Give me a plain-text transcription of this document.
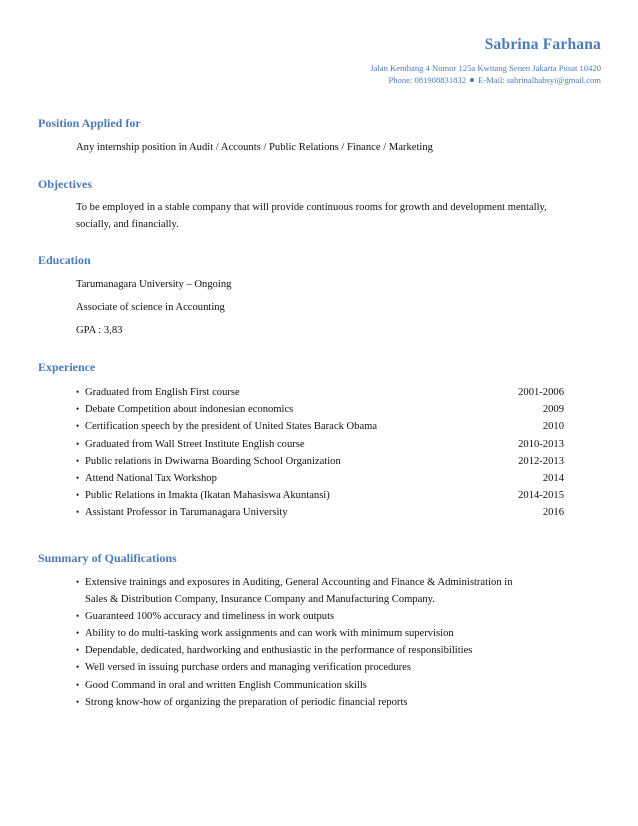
Sabrina Farhana
Jalan Kembang 4 Nomor 125a Kwitang Senen Jakarta Pusat 10420
Phone: 081908831832 E-Mail: sabrinalhabsyi@gmail.com
Position Applied for
Any internship position in Audit / Accounts / Public Relations / Finance / Marketing
Objectives
To be employed in a stable company that will provide continuous rooms for growth and development mentally, socially, and financially.
Education
Tarumanagara University – Ongoing
Associate of science in Accounting
GPA : 3,83
Experience
• Graduated from English First course	2001-2006
• Debate Competition about indonesian economics	2009
• Certification speech by the president of United States Barack Obama	2010
• Graduated from Wall Street Institute English course	2010-2013
• Public relations in Dwiwarna Boarding School Organization	2012-2013
• Attend National Tax Workshop	2014
• Public Relations in Imakta (Ikatan Mahasiswa Akuntansi)	2014-2015
• Assistant Professor in Tarumanagara University	2016
Summary of Qualifications
• Extensive trainings and exposures in Auditing, General Accounting and Finance & Administration in Sales & Distribution Company, Insurance Company and Manufacturing Company.
• Guaranteed 100% accuracy and timeliness in work outputs
• Ability to do multi-tasking work assignments and can work with minimum supervision
• Dependable, dedicated, hardworking and enthusiastic in the performance of responsibilities
• Well versed in issuing purchase orders and managing verification procedures
• Good Command in oral and written English Communication skills
• Strong know-how of organizing the preparation of periodic financial reports
